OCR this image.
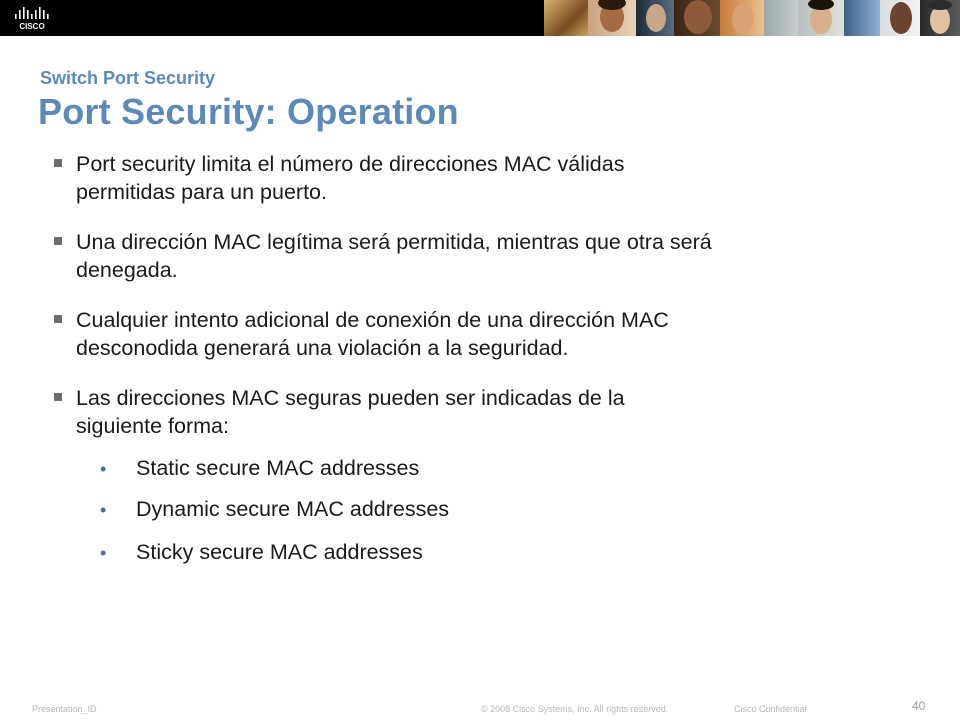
CISCO
Switch Port Security
Port Security: Operation
Port security limita el número de direcciones MAC válidas
permitidas para un puerto.
Una dirección MAC legítima será permitida, mientras que otra será
denegada.
Cualquier intento adicional de conexión de una dirección MAC
desconodida generará una violación a la seguridad.
Las direcciones MAC seguras pueden ser indicadas de la
siguiente forma:
• Static secure MAC addresses
• Dynamic secure MAC addresses
• Sticky secure MAC addresses
Presentation_ID	© 2008 Cisco Systems, Inc. All rights reserved.	Cisco Confidential	40
